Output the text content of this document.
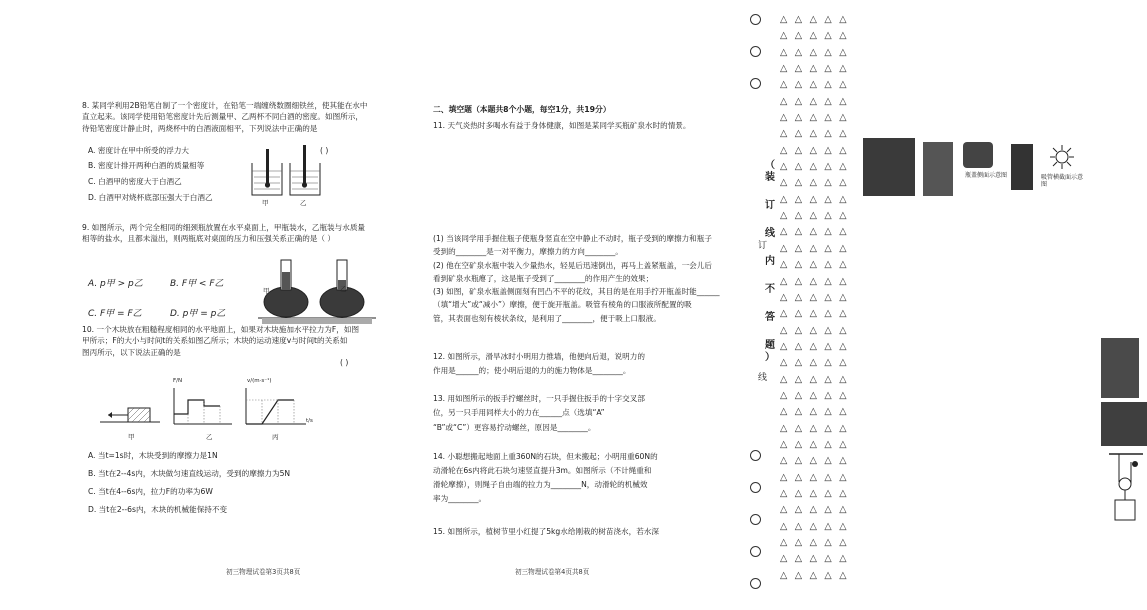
8. 某同学利用2B铅笔自制了一个密度计，在铅笔一端缠绕数圈细铁丝，使其能在水中
直立起来。该同学使用铅笔密度计先后测量甲、乙两杯不同白酒的密度。如图所示，
待铅笔密度计静止时，两烧杯中的白酒液面相平，下列说法中正确的是
( )
A. 密度计在甲中所受的浮力大
B. 密度计排开两种白酒的质量相等
C. 白酒甲的密度大于白酒乙
D. 白酒甲对烧杯底部压强大于白酒乙
甲	乙
9. 如图所示，两个完全相同的细颈瓶放置在水平桌面上，甲瓶装水，乙瓶装与水质量
相等的盐水，且都未溢出，则两瓶底对桌面的压力和压强关系正确的是（ ）
A. p甲 > p乙	B. F甲 < F乙
C. F甲 = F乙	D. p甲 = p乙
甲	乙
10. 一个木块放在粗糙程度相同的水平地面上，如果对木块施加水平拉力为F，如图
甲所示；F的大小与时间t的关系如图乙所示；木块的运动速度v与时间t的关系如
图丙所示，以下说法正确的是
( )
甲
F/N
乙
v/(m·s⁻¹)
t/s
丙
A. 当t=1s时，木块受到的摩擦力是1N
B. 当t在2--4s内，木块做匀速直线运动，受到的摩擦力为5N
C. 当t在4--6s内，拉力F的功率为6W
D. 当t在2--6s内，木块的机械能保持不变
初三物理试卷第3页共8页
二、填空题（本题共8个小题，每空1分，共19分）
11. 天气炎热时多喝水有益于身体健康，如图是某同学买瓶矿泉水时的情景。
瓶盖侧面示意图	吸管横截面示意图
(1) 当该同学用手握住瓶子使瓶身竖直在空中静止不动时，瓶子受到的摩擦力和瓶子
受到的________是一对平衡力，摩擦力的方向________。
(2) 他在空矿泉水瓶中装入少量热水，轻晃后迅速倒出，再马上盖紧瓶盖，一会儿后
看到矿泉水瓶瘪了，这是瓶子受到了________的作用产生的效果；
(3) 如图，矿泉水瓶盖侧面刻有凹凸不平的花纹，其目的是在用手拧开瓶盖时能______
（填“增大”或“减小”）摩擦，便于旋开瓶盖。吸管有棱角的口服液所配置的吸
管，其表面也刻有棱状条纹，是利用了________，便于吸上口服液。
12. 如图所示，滑旱冰时小明用力推墙，他便向后退，说明力的
作用是______的；使小明后退的力的施力物体是________。
13. 用如图所示的扳手拧螺丝时，一只手握住扳手的十字交叉部
位，另一只手用同样大小的力在______点（选填“A”
“B”或“C”）更容易拧动螺丝，原因是________。
14. 小聪想搬起地面上重360N的石块，但未搬起；小明用重60N的
动滑轮在6s内将此石块匀速竖直提升3m。如图所示（不计绳重和
滑轮摩擦），则绳子自由端的拉力为________N，动滑轮的机械效
率为________。
15. 如图所示，植树节里小红提了5kg水给刚栽的树苗浇水，若水深
初三物理试卷第4页共8页
（
装
订
线
内
不
答
题
）
订
线
△△△△△
△△△△△
△△△△△
△△△△△
△△△△△
△△△△△
△△△△△
△△△△△
△△△△△
△△△△△
△△△△△
△△△△△
△△△△△
△△△△△
△△△△△
△△△△△
△△△△△
△△△△△
△△△△△
△△△△△
△△△△△
△△△△△
△△△△△
△△△△△
△△△△△
△△△△△
△△△△△
△△△△△
△△△△△
△△△△△
△△△△△
△△△△△
△△△△△
△△△△△
△△△△△
